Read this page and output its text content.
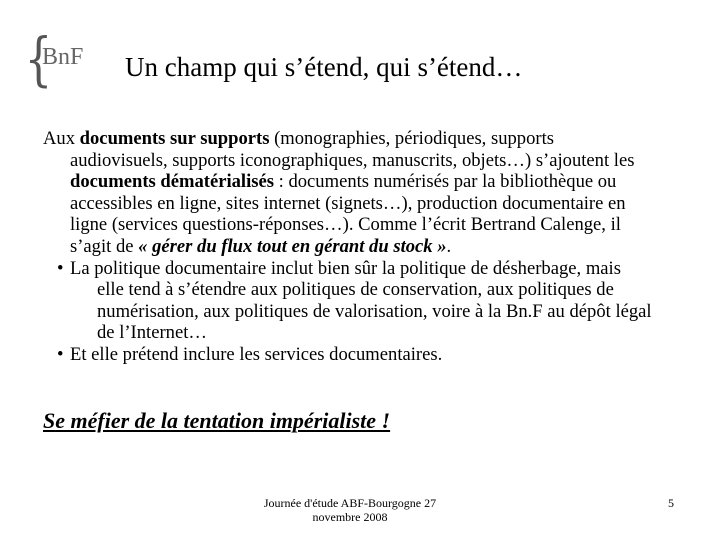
{
BnF Un champ qui s’étend, qui s’étend…
Aux documents sur supports (monographies, périodiques, supports
audiovisuels, supports iconographiques, manuscrits, objets…) s’ajoutent les
documents dématérialisés : documents numérisés par la bibliothèque ou
accessibles en ligne, sites internet (signets…), production documentaire en
ligne (services questions-réponses…). Comme l’écrit Bertrand Calenge, il
s’agit de « gérer du flux tout en gérant du stock ».
• La politique documentaire inclut bien sûr la politique de désherbage, mais
elle tend à s’étendre aux politiques de conservation, aux politiques de
numérisation, aux politiques de valorisation, voire à la Bn.F au dépôt légal
de l’Internet…
• Et elle prétend inclure les services documentaires.
Se méfier de la tentation impérialiste !
Journée d'étude ABF-Bourgogne 27
novembre 2008
5
